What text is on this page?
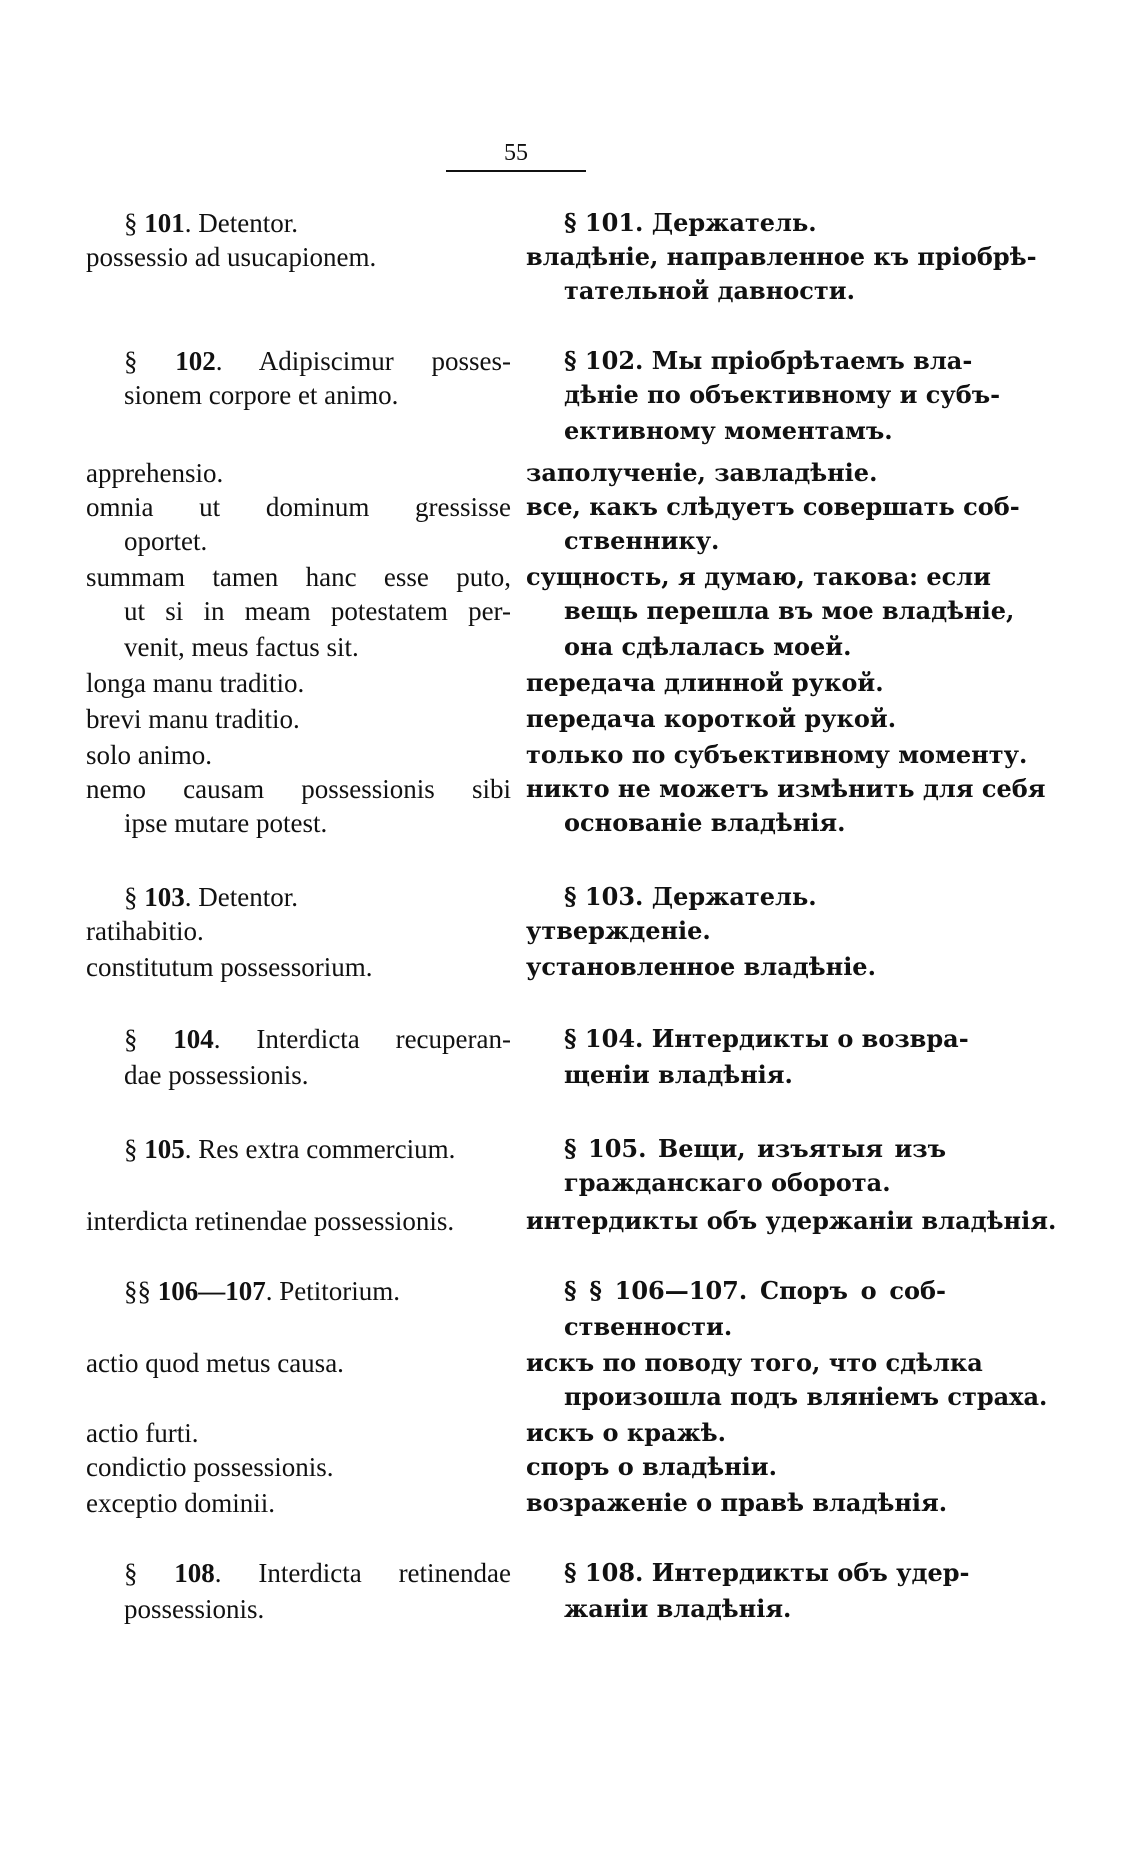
55
§ 101. Detentor.
possessio ad usucapionem.
§ 102. Adipiscimur posses-
sionem corpore et animo.
apprehensio.
omnia ut dominum gressisse
oportet.
summam tamen hanc esse puto,
ut si in meam potestatem per-
venit, meus factus sit.
longa manu traditio.
brevi manu traditio.
solo animo.
nemo causam possessionis sibi
ipse mutare potest.
§ 103. Detentor.
ratihabitio.
constitutum possessorium.
§ 104. Interdicta recuperan-
dae possessionis.
§ 105. Res extra commercium.
interdicta retinendae possessionis.
§§ 106—107. Petitorium.
actio quod metus causa.
actio furti.
condictio possessionis.
exceptio dominii.
§ 108. Interdicta retinendae
possessionis.
§ 101. Держатель.
владѣніе, направленное къ пріобрѣ-
тательной давности.
§ 102. Мы пріобрѣтаемъ вла-
дѣніе по объективному и субъ-
ективному моментамъ.
заполученіе, завладѣніе.
все, какъ слѣдуетъ совершать соб-
ственнику.
сущность, я думаю, такова: если
вещь перешла въ мое владѣніе,
она сдѣлалась моей.
передача длинной рукой.
передача короткой рукой.
только по субъективному моменту.
никто не можетъ измѣнить для себя
основаніе владѣнія.
§ 103. Держатель.
утвержденіе.
установленное владѣніе.
§ 104. Интердикты о возвра-
щеніи владѣнія.
§ 105. Вещи, изъятыя изъ
гражданскаго оборота.
интердикты объ удержаніи владѣнія.
§ § 106—107. Споръ о соб-
ственности.
искъ по поводу того, что сдѣлка
произошла подъ вляніемъ страха.
искъ о кражѣ.
споръ о владѣніи.
возраженіе о правѣ владѣнія.
§ 108. Интердикты объ удер-
жаніи владѣнія.
